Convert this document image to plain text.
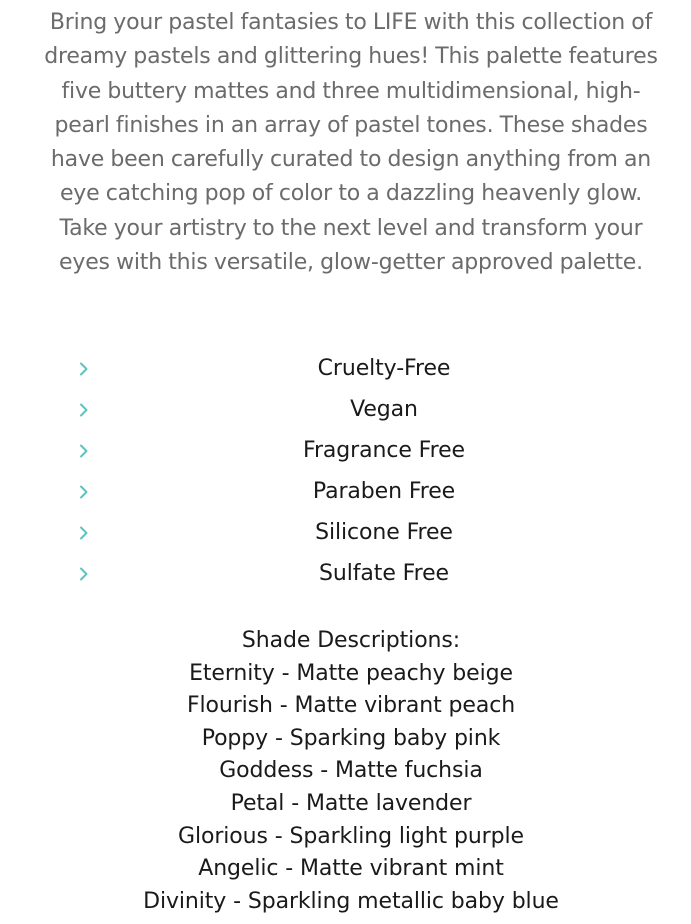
Bring your pastel fantasies to LIFE with this collection of dreamy pastels and glittering hues! This palette features five buttery mattes and three multidimensional, high-pearl finishes in an array of pastel tones. These shades have been carefully curated to design anything from an eye catching pop of color to a dazzling heavenly glow. Take your artistry to the next level and transform your eyes with this versatile, glow-getter approved palette.

Cruelty-Free
Vegan
Fragrance Free
Paraben Free
Silicone Free
Sulfate Free
Shade Descriptions:
Eternity - Matte peachy beige
Flourish - Matte vibrant peach
Poppy - Sparking baby pink
Goddess - Matte fuchsia
Petal - Matte lavender
Glorious - Sparkling light purple
Angelic - Matte vibrant mint
Divinity - Sparkling metallic baby blue
